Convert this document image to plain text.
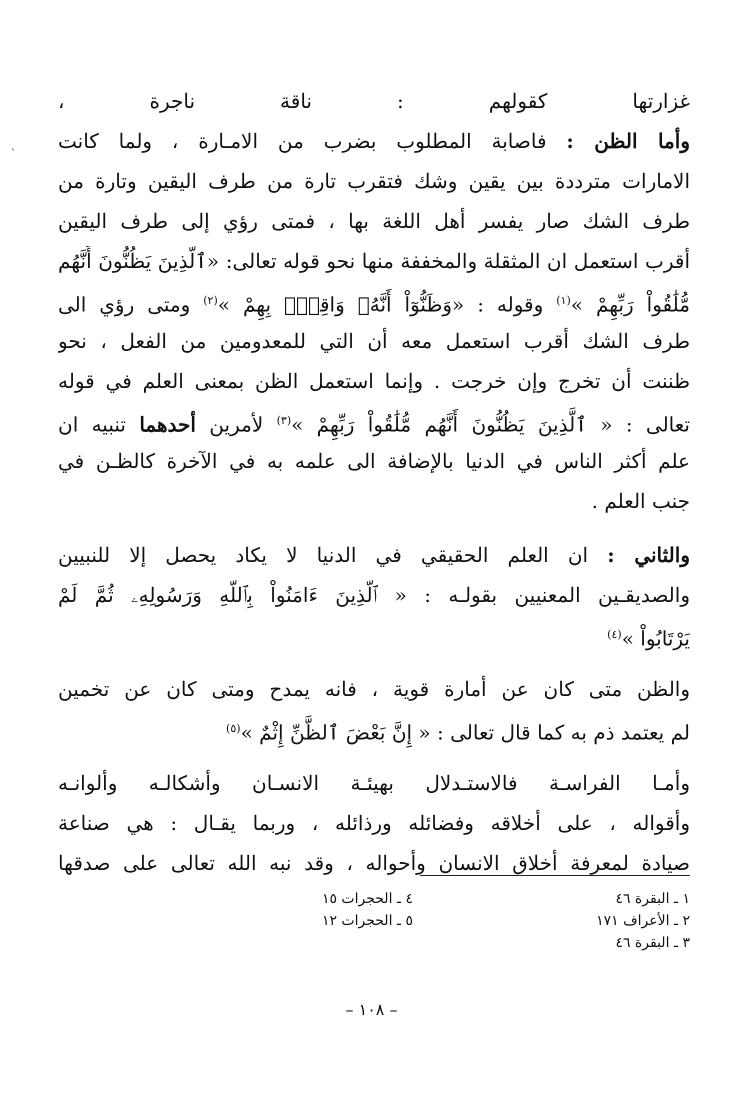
`
غزارتها كقولهم : ناقة ناجرة ،
وأما الظن : فاصابة المطلوب بضرب من الامـارة ، ولما كانت
الامارات مترددة بين يقين وشك فتقرب تارة من طرف اليقين وتارة من
طرف الشك صار يفسر أهل اللغة بها ، فمتى رؤي إلى طرف اليقين
أقرب استعمل ان المثقلة والمخففة منها نحو قوله تعالى: «ٱلَّذِينَ يَظُنُّونَ أَنَّهُم
مُّلَٰقُواْ رَبِّهِمْ »$^{(١)}$ وقوله : «وَظَنُّوٓاْ أَنَّهُۥ وَاقِعُۢ بِهِمْ »$^{(٢)}$ ومتى رؤي الى
طرف الشك أقرب استعمل معه أن التي للمعدومين من الفعل ، نحو
ظننت أن تخرج وإن خرجت . وإنما استعمل الظن بمعنى العلم في قوله
تعالى : « ٱلَّذِينَ يَظُنُّونَ أَنَّهُم مُّلَٰقُواْ رَبِّهِمْ »$^{(٣)}$ لأمرين أحدهما تنبيه ان
علم أكثر الناس في الدنيا بالإضافة الى علمه به في الآخرة كالظـن في
جنب العلم .
والثاني : ان العلم الحقيقي في الدنيا لا يكاد يحصل إلا للنبيين
والصديقـين المعنيين بقولـه : « ٱلَّذِينَ ءَامَنُواْ بِٱللَّهِ وَرَسُولِهِۦ ثُمَّ لَمْ
يَرْتَابُواْ »$^{(٤)}$
والظن متى كان عن أمارة قوية ، فانه يمدح ومتى كان عن تخمين
لم يعتمد ذم به كما قال تعالى : « إِنَّ بَعْضَ ٱلظَّنِّ إِثْمٌ »$^{(٥)}$
وأمـا الفراسـة فالاستـدلال بهيئـة الانسـان وأشكالـه وألوانـه
وأقواله ، على أخلاقه وفضائله ورذائله ، وربما يقـال : هي صناعة
صيادة لمعرفة أخلاق الانسان وأحواله ، وقد نبه الله تعالى على صدقها
١ ـ البقرة ٤٦
٢ ـ الأعراف ١٧١
٣ ـ البقرة ٤٦
٤ ـ الحجرات ١٥
٥ ـ الحجرات ١٢
– ١٠٨ –
